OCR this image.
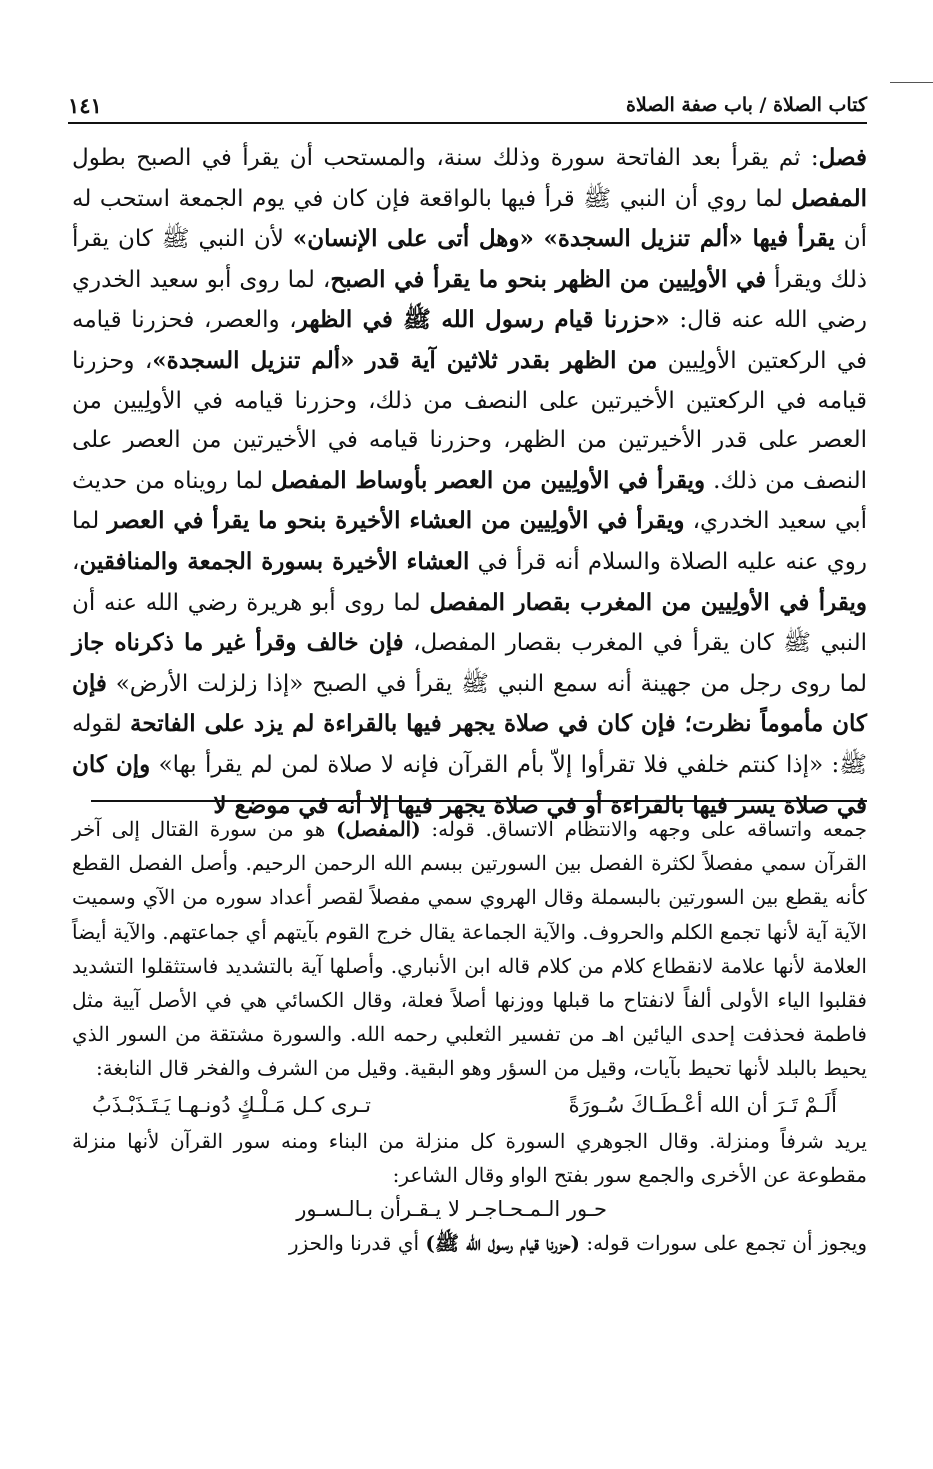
كتاب الصلاة / باب صفة الصلاة
١٤١

فصل: ثم يقرأ بعد الفاتحة سورة وذلك سنة، والمستحب أن يقرأ في الصبح بطول المفصل لما روي أن النبي ﷺ قرأ فيها بالواقعة فإن كان في يوم الجمعة استحب له أن يقرأ فيها «ألم تنزيل السجدة» «وهل أتى على الإنسان» لأن النبي ﷺ كان يقرأ ذلك ويقرأ في الأولِيين من الظهر بنحو ما يقرأ في الصبح، لما روى أبو سعيد الخدري رضي الله عنه قال: «حزرنا قيام رسول الله ﷺ في الظهر، والعصر، فحزرنا قيامه في الركعتين الأولِيين من الظهر بقدر ثلاثين آية قدر «ألم تنزيل السجدة»، وحزرنا قيامه في الركعتين الأخيرتين على النصف من ذلك، وحزرنا قيامه في الأولِيين من العصر على قدر الأخيرتين من الظهر، وحزرنا قيامه في الأخيرتين من العصر على النصف من ذلك. ويقرأ في الأولِيين من العصر بأوساط المفصل لما رويناه من حديث أبي سعيد الخدري، ويقرأ في الأولِيين من العشاء الأخيرة بنحو ما يقرأ في العصر لما روي عنه عليه الصلاة والسلام أنه قرأ في العشاء الأخيرة بسورة الجمعة والمنافقين، ويقرأ في الأولِيين من المغرب بقصار المفصل لما روى أبو هريرة رضي الله عنه أن النبي ﷺ كان يقرأ في المغرب بقصار المفصل، فإن خالف وقرأ غير ما ذكرناه جاز لما روى رجل من جهينة أنه سمع النبي ﷺ يقرأ في الصبح «إذا زلزلت الأرض» فإن كان مأموماً نظرت؛ فإن كان في صلاة يجهر فيها بالقراءة لم يزد على الفاتحة لقوله ﷺ: «إذا كنتم خلفي فلا تقرأوا إلاّ بأم القرآن فإنه لا صلاة لمن لم يقرأ بها» وإن كان في صلاة يسر فيها بالقراءة أو في صلاة يجهر فيها إلا أنه في موضع لا

جمعه واتساقه على وجهه والانتظام الاتساق. قوله: (المفصل) هو من سورة القتال إلى آخر القرآن سمي مفصلاً لكثرة الفصل بين السورتين ببسم الله الرحمن الرحيم. وأصل الفصل القطع كأنه يقطع بين السورتين بالبسملة وقال الهروي سمي مفصلاً لقصر أعداد سوره من الآي وسميت الآية آية لأنها تجمع الكلم والحروف. والآية الجماعة يقال خرج القوم بآيتهم أي جماعتهم. والآية أيضاً العلامة لأنها علامة لانقطاع كلام من كلام قاله ابن الأنباري. وأصلها آية بالتشديد فاستثقلوا التشديد فقلبوا الياء الأولى ألفاً لانفتاح ما قبلها ووزنها أصلاً فعلة، وقال الكسائي هي في الأصل آيية مثل فاطمة فحذفت إحدى اليائين اهـ من تفسير الثعلبي رحمه الله. والسورة مشتقة من السور الذي يحيط بالبلد لأنها تحيط بآيات، وقيل من السؤر وهو البقية. وقيل من الشرف والفخر قال النابغة:

أَلَـمْ تَـرَ أن الله أعْـطَـاكَ سُـورَةً
تـرى كـل مَـلْـكٍ دُونـهـا يَـتَـذَبْـذَبُ

يريد شرفاً ومنزلة. وقال الجوهري السورة كل منزلة من البناء ومنه سور القرآن لأنها منزلة مقطوعة عن الأخرى والجمع سور بفتح الواو وقال الشاعر:

حـور الـمـحـاجـر لا يـقـرأن بـالـسـور

ويجوز أن تجمع على سورات قوله: (حزرنا قيام رسول الله ﷺ) أي قدرنا والحزر
